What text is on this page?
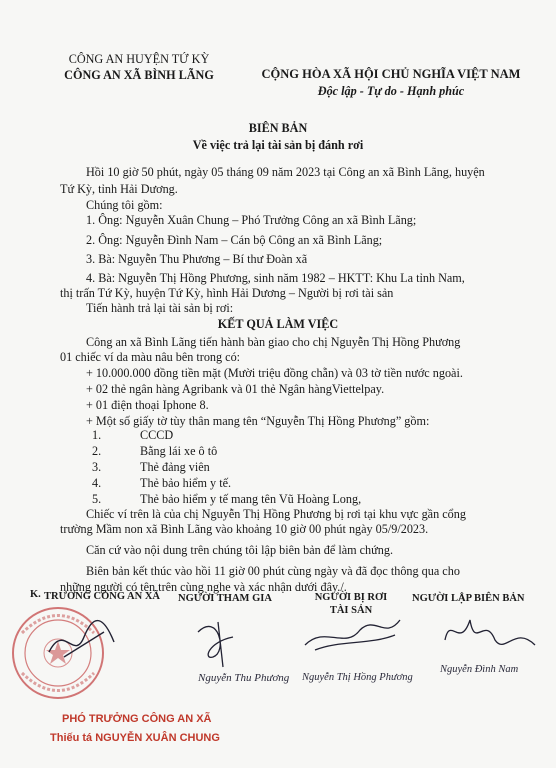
CÔNG AN HUYỆN TỨ KỲ
CÔNG AN XÃ BÌNH LÃNG	CỘNG HÒA XÃ HỘI CHỦ NGHĨA VIỆT NAM
Độc lập - Tự do - Hạnh phúc
BIÊN BẢN
Về việc trả lại tài sản bị đánh rơi
Hồi 10 giờ 50 phút, ngày 05 tháng 09 năm 2023 tại Công an xã Bình Lãng, huyện
Tứ Kỳ, tỉnh Hải Dương.
Chúng tôi gồm:
1. Ông: Nguyễn Xuân Chung – Phó Trưởng Công an xã Bình Lãng;
2. Ông: Nguyễn Đình Nam – Cán bộ Công an xã Bình Lãng;
3. Bà: Nguyễn Thu Phương – Bí thư Đoàn xã
4. Bà: Nguyễn Thị Hồng Phương, sinh năm 1982 – HKTT: Khu La tỉnh Nam,
thị trấn Tứ Kỳ, huyện Tứ Kỳ, hình Hải Dương – Người bị rơi tài sản
Tiến hành trả lại tài sản bị rơi:
KẾT QUẢ LÀM VIỆC
Công an xã Bình Lãng tiến hành bàn giao cho chị Nguyễn Thị Hồng Phương
01 chiếc ví da màu nâu bên trong có:
+ 10.000.000 đồng tiền mặt (Mười triệu đồng chẵn) và 03 tờ tiền nước ngoài.
+ 02 thẻ ngân hàng Agribank và 01 thẻ Ngân hàngViettelpay.
+ 01 điện thoại Iphone 8.
+ Một số giấy tờ tùy thân mang tên “Nguyễn Thị Hồng Phương” gồm:
1.	CCCD
2.	Bằng lái xe ô tô
3.	Thẻ đảng viên
4.	Thẻ bảo hiểm y tế.
5.	Thẻ bảo hiểm y tế mang tên Vũ Hoàng Long,
Chiếc ví trên là của chị Nguyễn Thị Hồng Phương bị rơi tại khu vực gần cổng
trường Mầm non xã Bình Lãng vào khoảng 10 giờ 00 phút ngày 05/9/2023.
Căn cứ vào nội dung trên chúng tôi lập biên bản để làm chứng.
Biên bản kết thúc vào hồi 11 giờ 00 phút cùng ngày và đã đọc thông qua cho
những người có tên trên cùng nghe và xác nhận dưới đây./.
K. TRƯỞNG CÔNG AN XÃ NGƯỜI THAM GIA	NGƯỜI BỊ RƠI
TÀI SẢN
NGƯỜI LẬP BIÊN BẢN
Nguyễn Thu Phương Nguyễn Thị Hồng Phương
Nguyễn Đình Nam
PHÓ TRƯỞNG CÔNG AN XÃ
Thiếu tá NGUYỄN XUÂN CHUNG
